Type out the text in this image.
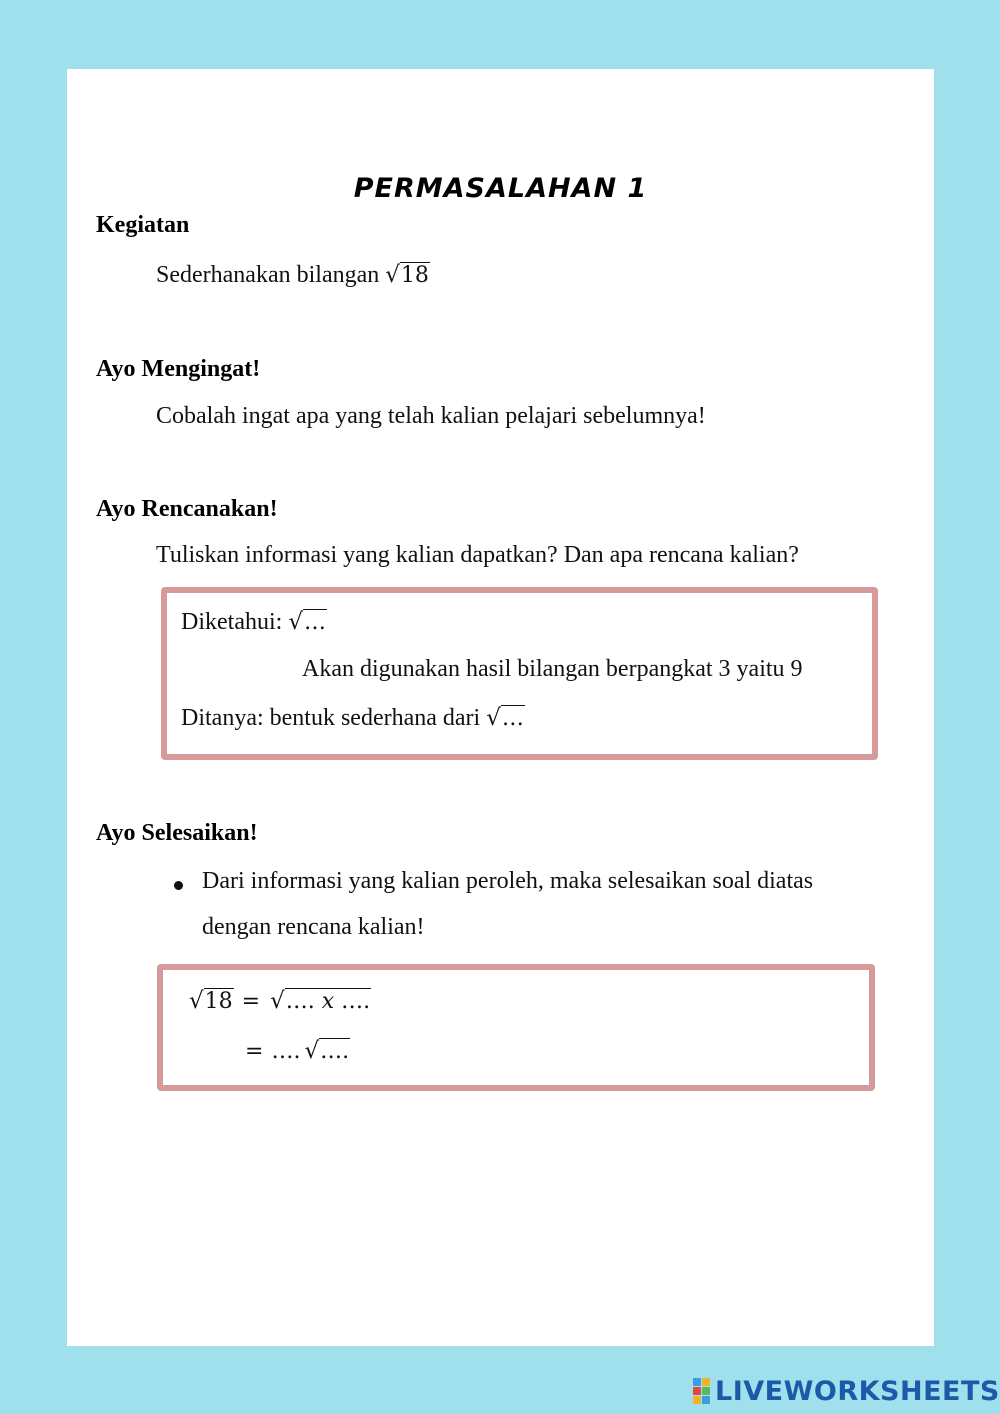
PERMASALAHAN 1
Kegiatan
Sederhanakan bilangan √18
Ayo Mengingat!
Cobalah ingat apa yang telah kalian pelajari sebelumnya!
Ayo Rencanakan!
Tuliskan informasi yang kalian dapatkan? Dan apa rencana kalian?
Diketahui: √…
Akan digunakan hasil bilangan berpangkat 3 yaitu 9
Ditanya: bentuk sederhana dari √…
Ayo Selesaikan!
Dari informasi yang kalian peroleh, maka selesaikan soal diatas
dengan rencana kalian!
√18 = √…. x ….
= …. √….
LIVEWORKSHEETS
